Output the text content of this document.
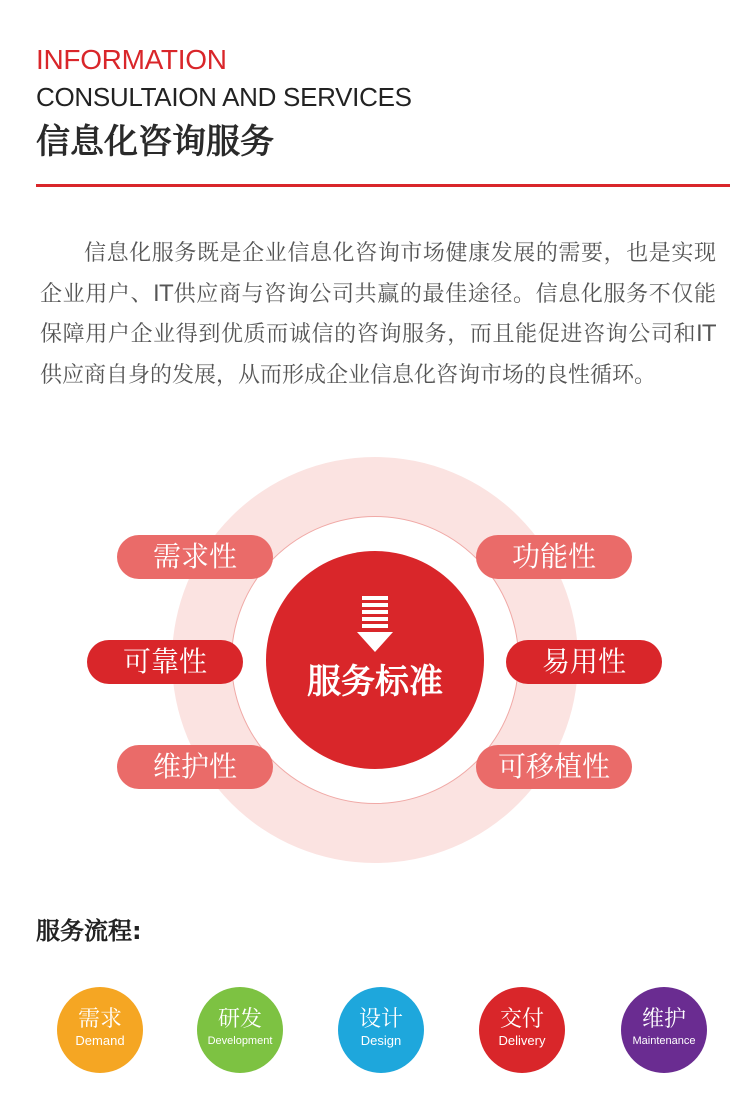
INFORMATION
CONSULTAION AND SERVICES
信息化咨询服务

信息化服务既是企业信息化咨询市场健康发展的需要，也是实现企业用户、IT供应商与咨询公司共赢的最佳途径。信息化服务不仅能保障用户企业得到优质而诚信的咨询服务，而且能促进咨询公司和IT供应商自身的发展，从而形成企业信息化咨询市场的良性循环。

服务标准
需求性	功能性
可靠性	易用性
维护性	可移植性
服务流程:
需求
Demand
研发
Development
设计
Design
交付
Delivery
维护
Maintenance
